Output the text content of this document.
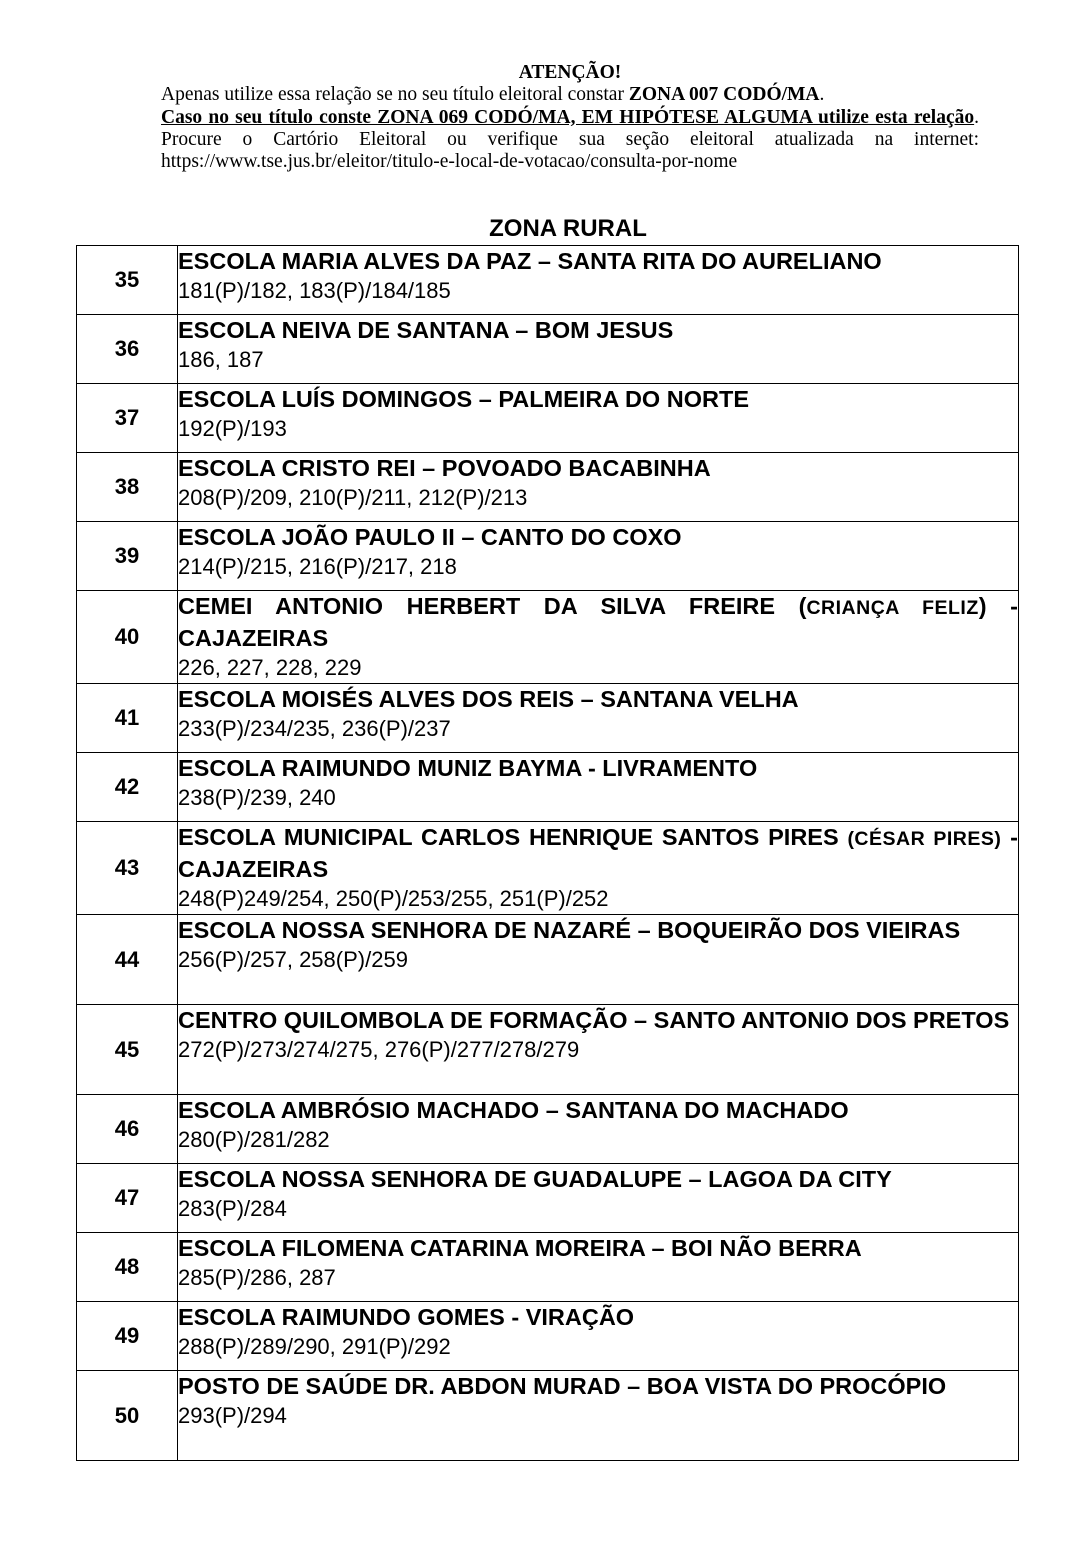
ATENÇÃO!

Apenas utilize essa relação se no seu título eleitoral constar ZONA 007 CODÓ/MA.

Caso no seu título conste ZONA 069 CODÓ/MA, EM HIPÓTESE ALGUMA utilize esta relação. Procure o Cartório Eleitoral ou verifique sua seção eleitoral atualizada na internet: https://www.tse.jus.br/eleitor/titulo-e-local-de-votacao/consulta-por-nome

ZONA RURAL
35	ESCOLA MARIA ALVES DA PAZ – SANTA RITA DO AURELIANO
181(P)/182, 183(P)/184/185

36	ESCOLA NEIVA DE SANTANA – BOM JESUS
186, 187

37	ESCOLA LUÍS DOMINGOS – PALMEIRA DO NORTE
192(P)/193

38	ESCOLA CRISTO REI – POVOADO BACABINHA
208(P)/209, 210(P)/211, 212(P)/213

39	ESCOLA JOÃO PAULO II – CANTO DO COXO
214(P)/215, 216(P)/217, 218

40	CEMEI ANTONIO HERBERT DA SILVA FREIRE (CRIANÇA FELIZ) - CAJAZEIRAS
226, 227, 228, 229

41	ESCOLA MOISÉS ALVES DOS REIS – SANTANA VELHA
233(P)/234/235, 236(P)/237

42	ESCOLA RAIMUNDO MUNIZ BAYMA - LIVRAMENTO
238(P)/239, 240

43	ESCOLA MUNICIPAL CARLOS HENRIQUE SANTOS PIRES (CÉSAR PIRES) - CAJAZEIRAS
248(P)249/254, 250(P)/253/255, 251(P)/252

44	ESCOLA NOSSA SENHORA DE NAZARÉ – BOQUEIRÃO DOS VIEIRAS
256(P)/257, 258(P)/259

45	CENTRO QUILOMBOLA DE FORMAÇÃO – SANTO ANTONIO DOS PRETOS
272(P)/273/274/275, 276(P)/277/278/279

46	ESCOLA AMBRÓSIO MACHADO – SANTANA DO MACHADO
280(P)/281/282

47	ESCOLA NOSSA SENHORA DE GUADALUPE – LAGOA DA CITY
283(P)/284

48	ESCOLA FILOMENA CATARINA MOREIRA – BOI NÃO BERRA
285(P)/286, 287

49	ESCOLA RAIMUNDO GOMES - VIRAÇÃO
288(P)/289/290, 291(P)/292

50	POSTO DE SAÚDE DR. ABDON MURAD – BOA VISTA DO PROCÓPIO
293(P)/294
